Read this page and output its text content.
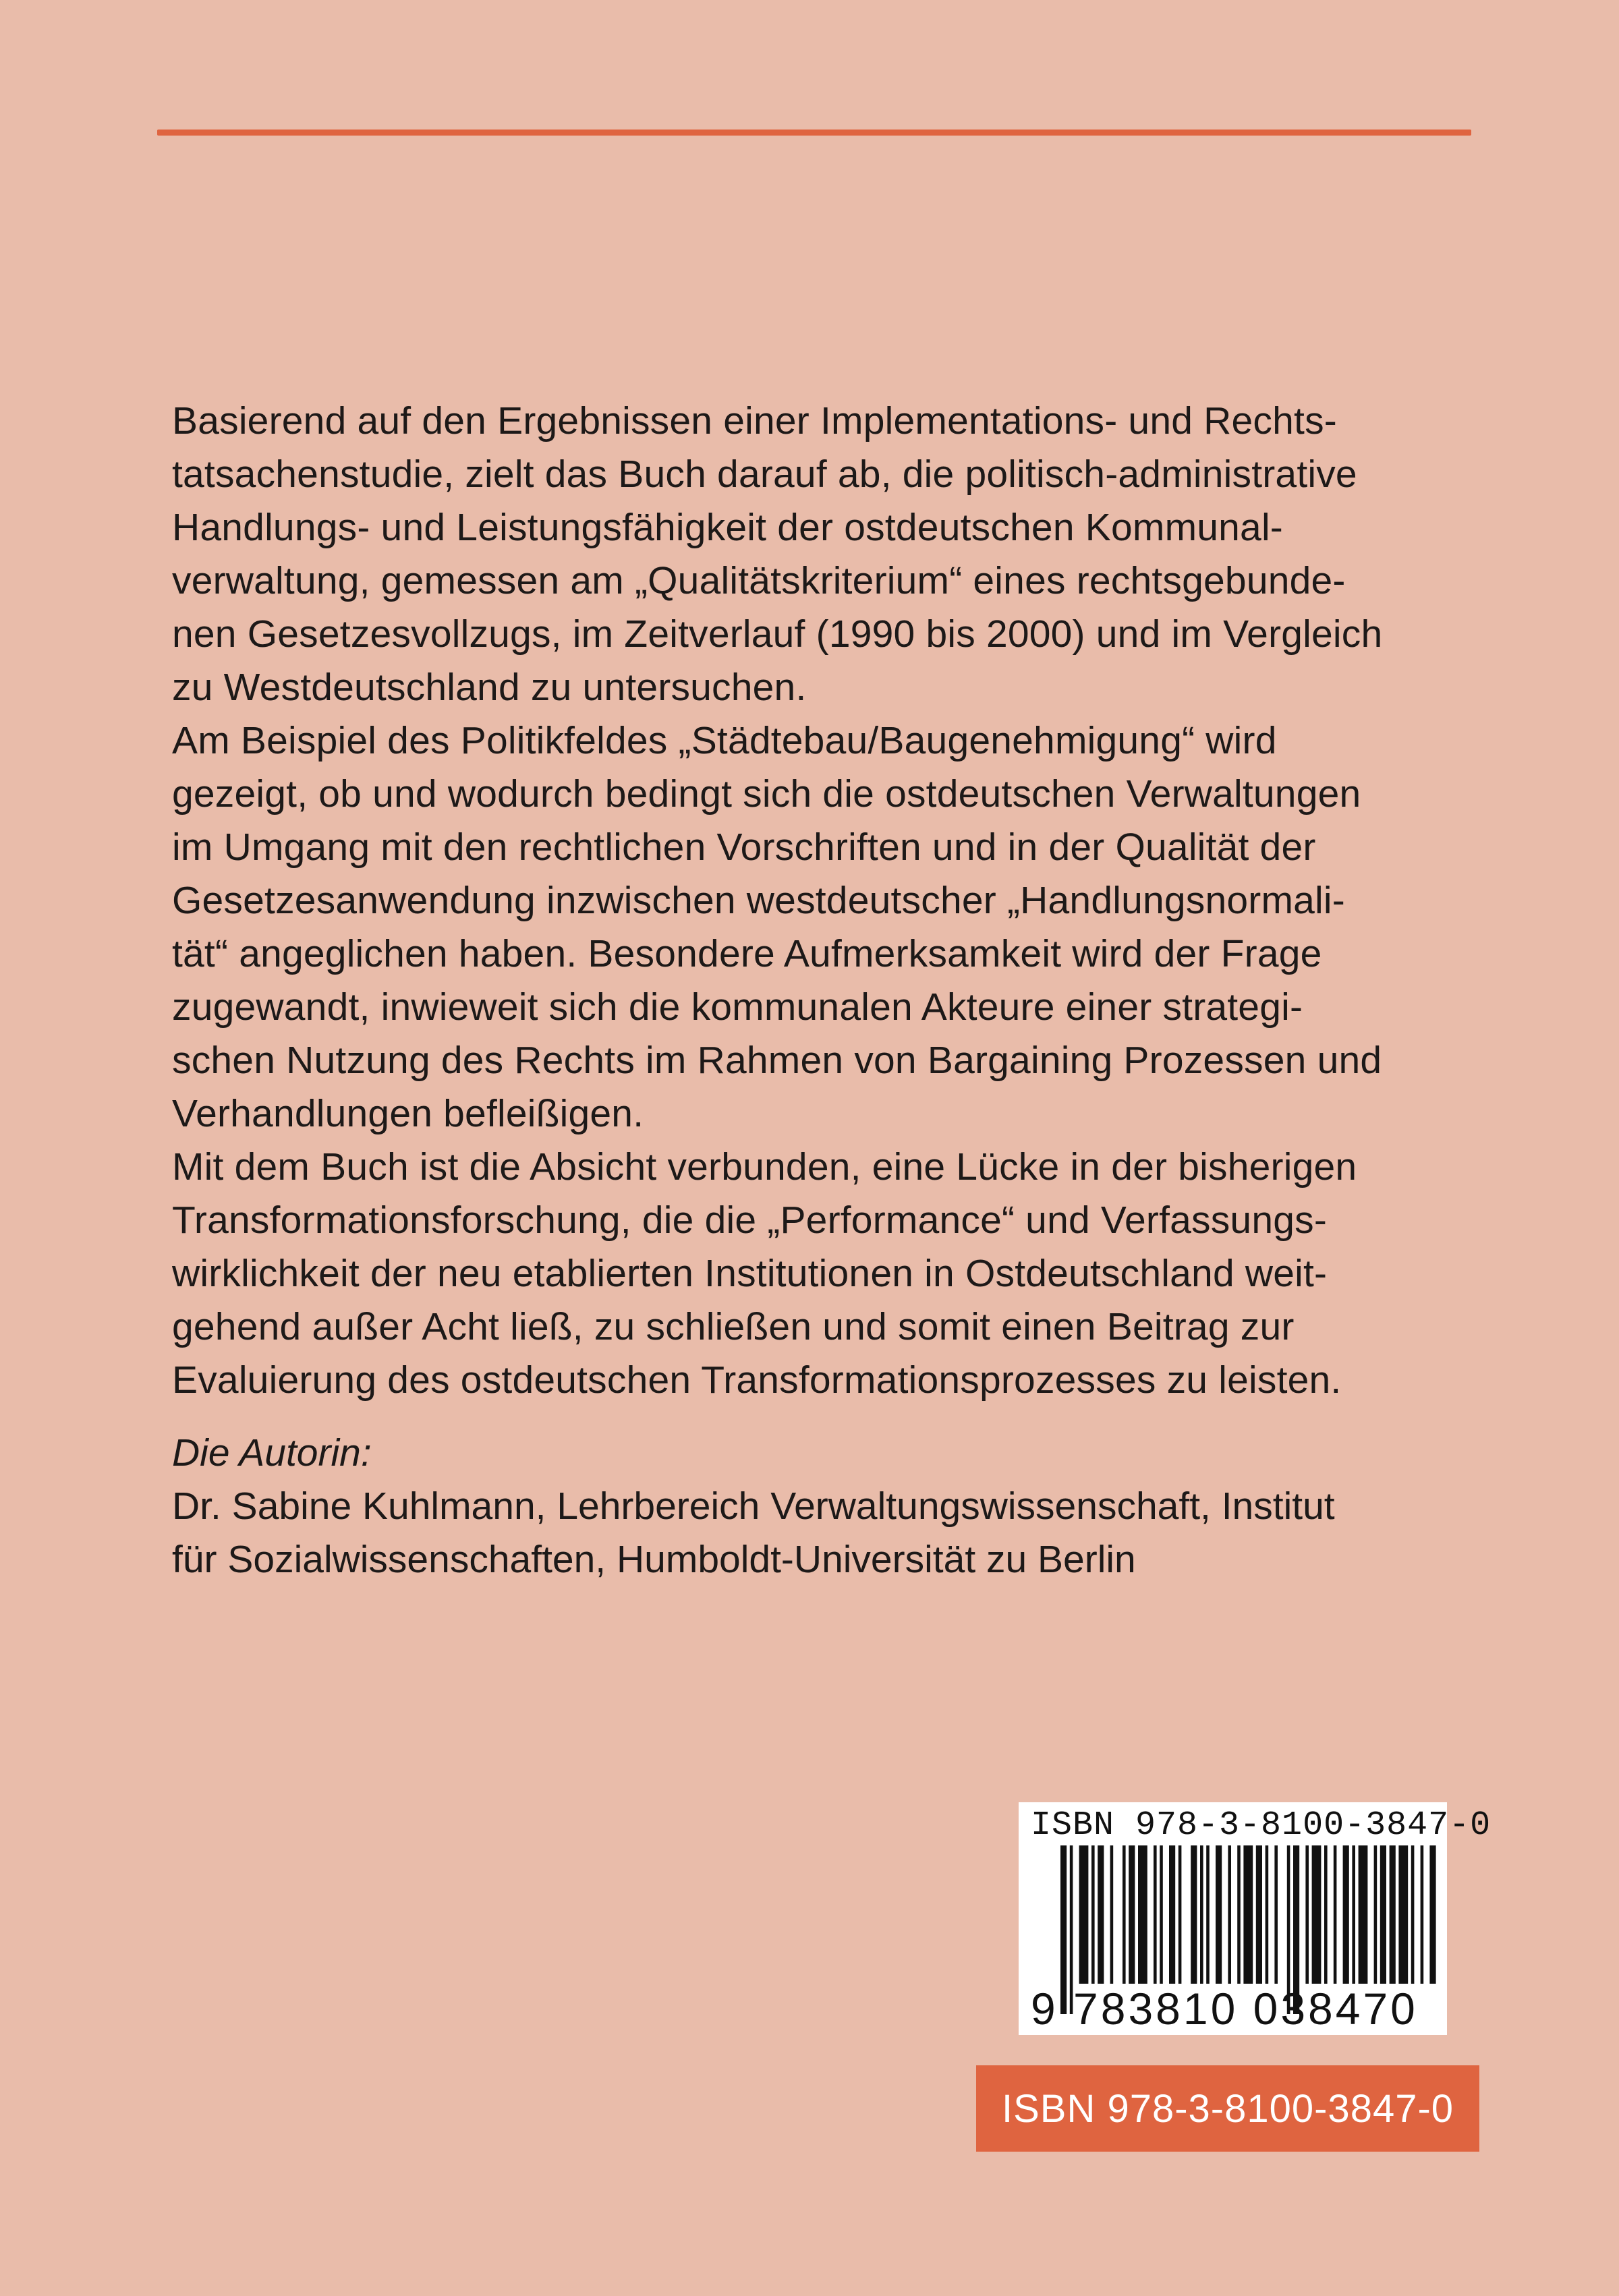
Basierend auf den Ergebnissen einer Implementations- und Rechts-
tatsachenstudie, zielt das Buch darauf ab, die politisch-administrative
Handlungs- und Leistungsfähigkeit der ostdeutschen Kommunal-
verwaltung, gemessen am „Qualitätskriterium“ eines rechtsgebunde-
nen Gesetzesvollzugs, im Zeitverlauf (1990 bis 2000) und im Vergleich
zu Westdeutschland zu untersuchen.
Am Beispiel des Politikfeldes „Städtebau/Baugenehmigung“ wird
gezeigt, ob und wodurch bedingt sich die ostdeutschen Verwaltungen
im Umgang mit den rechtlichen Vorschriften und in der Qualität der
Gesetzesanwendung inzwischen westdeutscher „Handlungsnormali-
tät“ angeglichen haben. Besondere Aufmerksamkeit wird der Frage
zugewandt, inwieweit sich die kommunalen Akteure einer strategi-
schen Nutzung des Rechts im Rahmen von Bargaining Prozessen und
Verhandlungen befleißigen.
Mit dem Buch ist die Absicht verbunden, eine Lücke in der bisherigen
Transformationsforschung, die die „Performance“ und Verfassungs-
wirklichkeit der neu etablierten Institutionen in Ostdeutschland weit-
gehend außer Acht ließ, zu schließen und somit einen Beitrag zur
Evaluierung des ostdeutschen Transformationsprozesses zu leisten.
Die Autorin:
Dr. Sabine Kuhlmann, Lehrbereich Verwaltungswissenschaft, Institut
für Sozialwissenschaften, Humboldt-Universität zu Berlin
ISBN 978-3-8100-3847-0
9 783810 038470
ISBN 978-3-8100-3847-0
